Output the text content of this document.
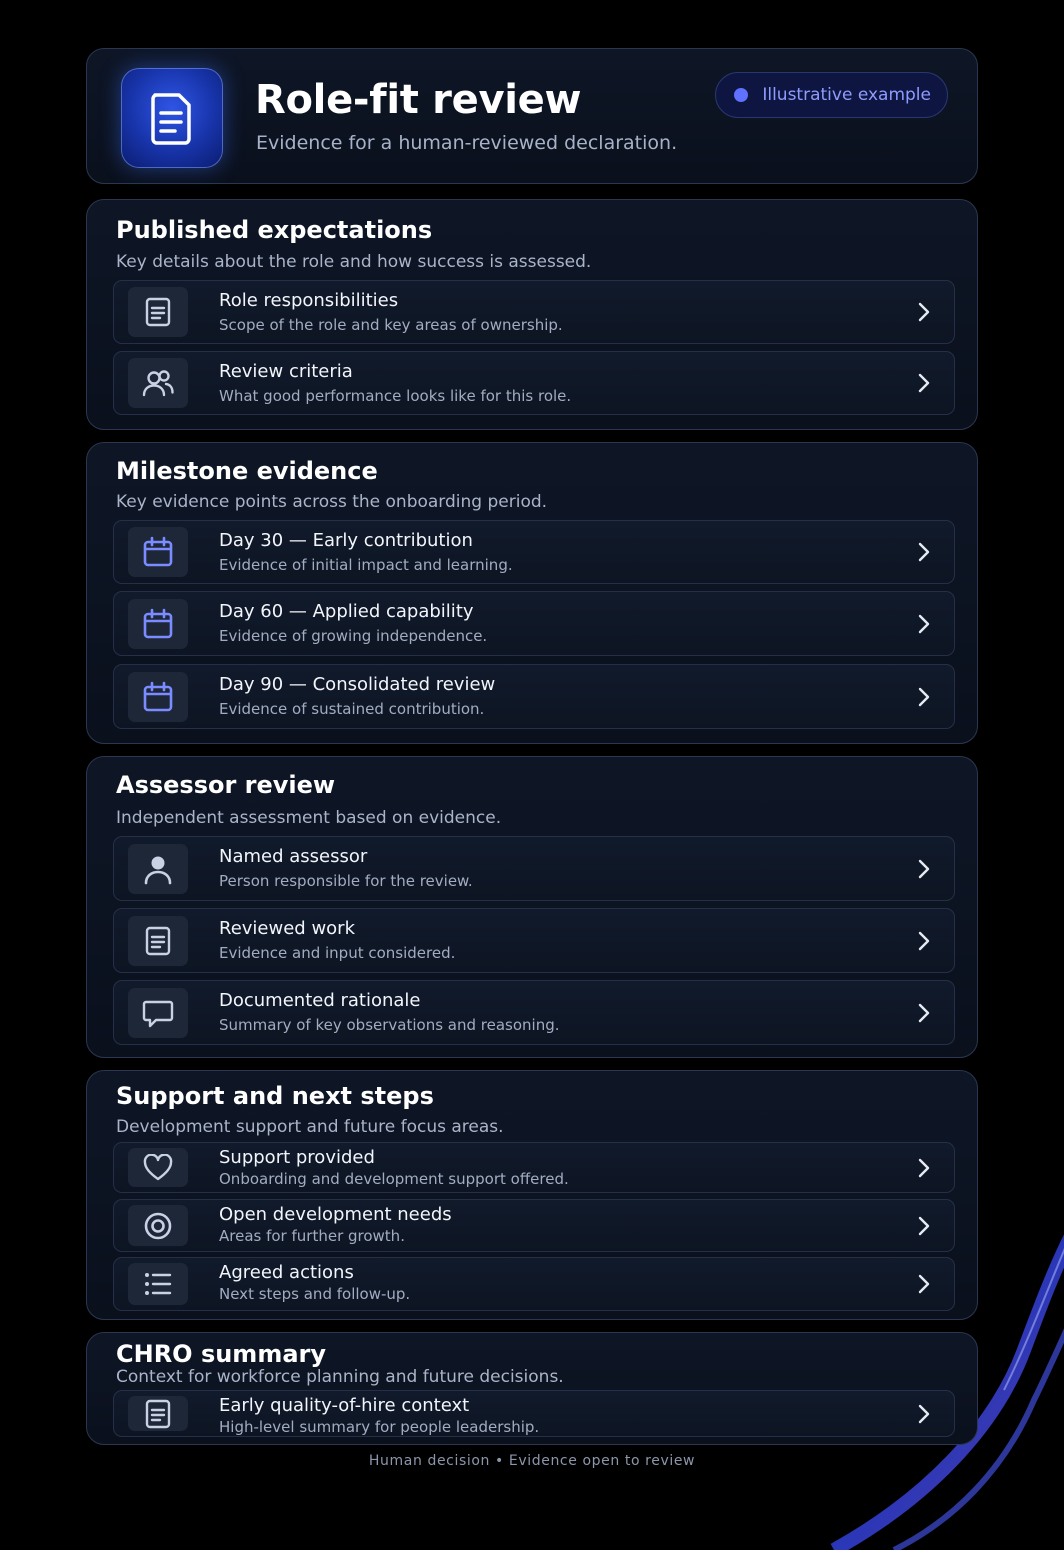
Role-fit review

Evidence for a human-reviewed declaration.

Illustrative example
Published expectations

Key details about the role and how success is assessed.

Role responsibilities

Scope of the role and key areas of ownership.

Review criteria

What good performance looks like for this role.

Milestone evidence

Key evidence points across the onboarding period.

Day 30 — Early contribution

Evidence of initial impact and learning.

Day 60 — Applied capability

Evidence of growing independence.

Day 90 — Consolidated review

Evidence of sustained contribution.

Assessor review

Independent assessment based on evidence.

Named assessor

Person responsible for the review.

Reviewed work

Evidence and input considered.

Documented rationale

Summary of key observations and reasoning.

Support and next steps

Development support and future focus areas.

Support provided

Onboarding and development support offered.

Open development needs

Areas for further growth.

Agreed actions

Next steps and follow-up.

CHRO summary

Context for workforce planning and future decisions.

Early quality-of-hire context

High-level summary for people leadership.

Human decision • Evidence open to review
